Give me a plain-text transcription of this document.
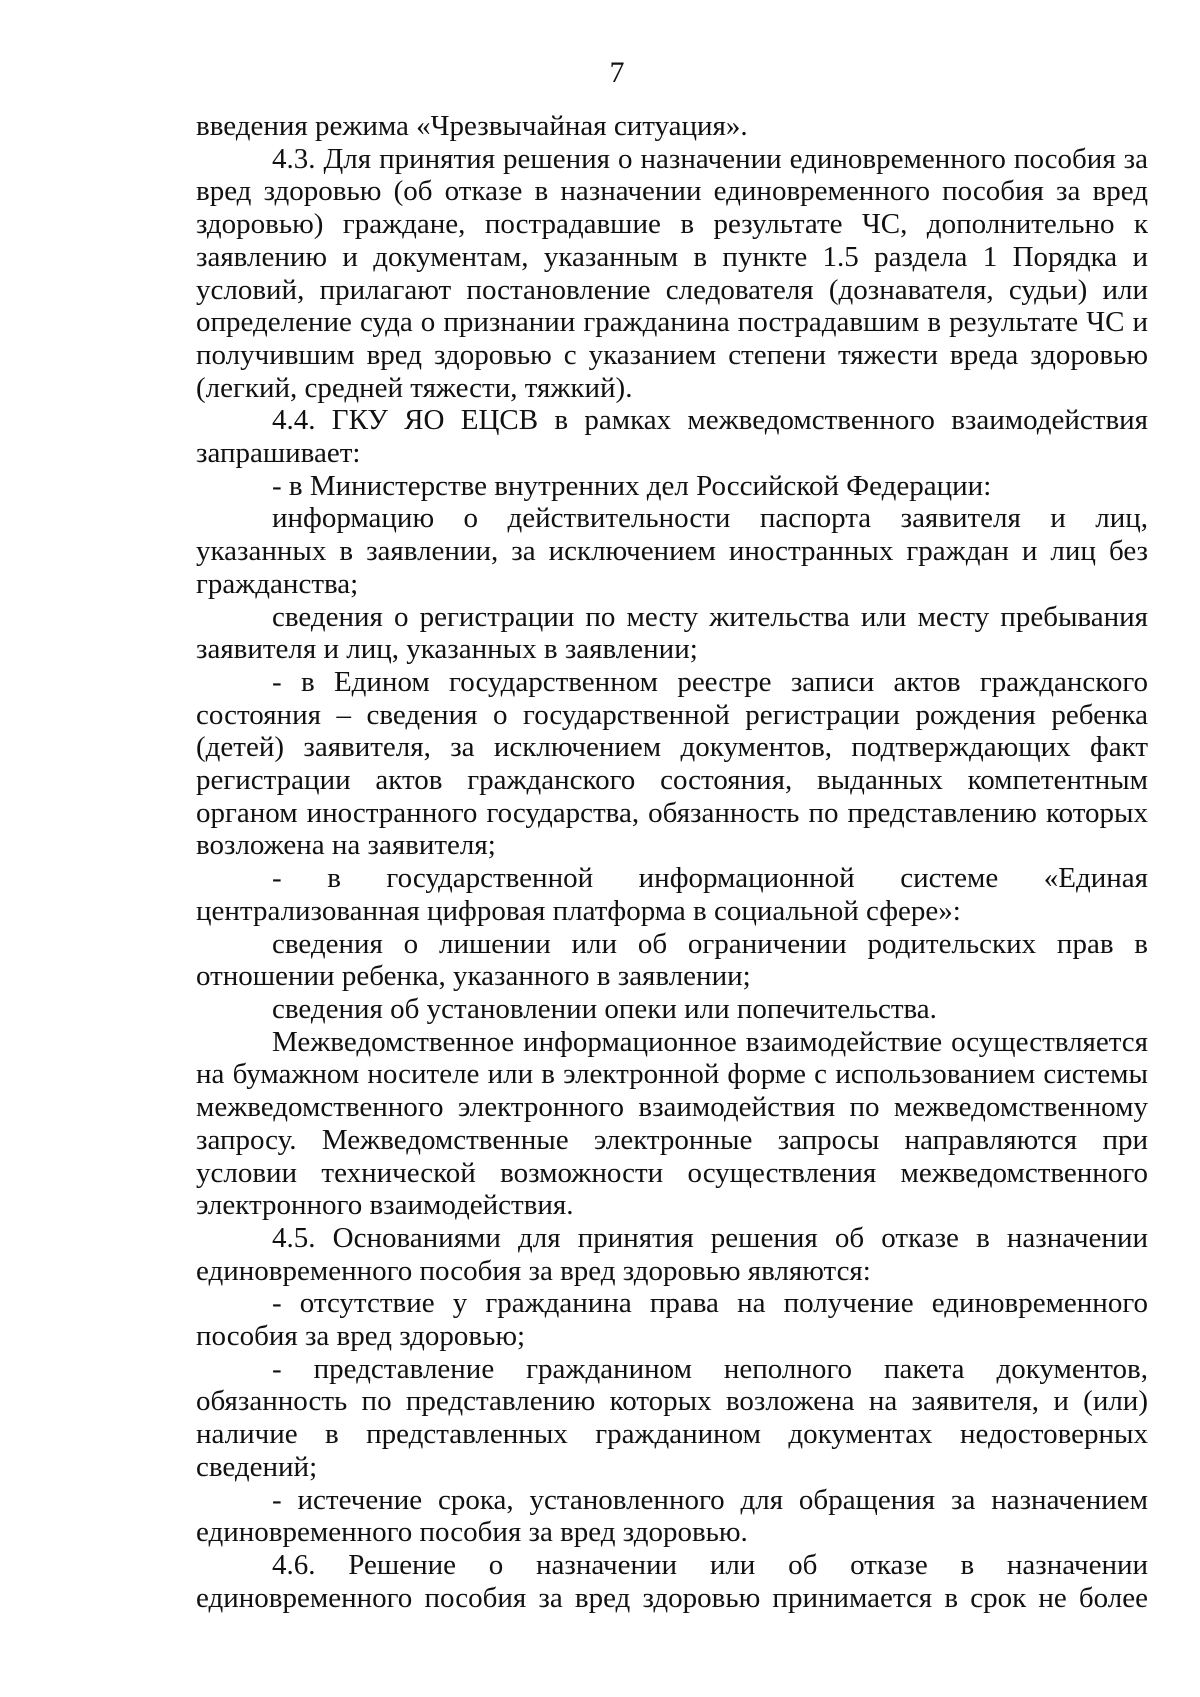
7

введения режима «Чрезвычайная ситуация».

4.3. Для принятия решения о назначении единовременного пособия за вред здоровью (об отказе в назначении единовременного пособия за вред здоровью) граждане, пострадавшие в результате ЧС, дополнительно к заявлению и документам, указанным в пункте 1.5 раздела 1 Порядка и условий, прилагают постановление следователя (дознавателя, судьи) или определение суда о признании гражданина пострадавшим в результате ЧС и получившим вред здоровью с указанием степени тяжести вреда здоровью (легкий, средней тяжести, тяжкий).

4.4. ГКУ ЯО ЕЦСВ в рамках межведомственного взаимодействия запрашивает:

- в Министерстве внутренних дел Российской Федерации:

информацию о действительности паспорта заявителя и лиц, указанных в заявлении, за исключением иностранных граждан и лиц без гражданства;

сведения о регистрации по месту жительства или месту пребывания заявителя и лиц, указанных в заявлении;

- в Едином государственном реестре записи актов гражданского состояния – сведения о государственной регистрации рождения ребенка (детей) заявителя, за исключением документов, подтверждающих факт регистрации актов гражданского состояния, выданных компетентным органом иностранного государства, обязанность по представлению которых возложена на заявителя;

- в государственной информационной системе «Единая централизованная цифровая платформа в социальной сфере»:

сведения о лишении или об ограничении родительских прав в отношении ребенка, указанного в заявлении;

сведения об установлении опеки или попечительства.

Межведомственное информационное взаимодействие осуществляется на бумажном носителе или в электронной форме с использованием системы межведомственного электронного взаимодействия по межведомственному запросу. Межведомственные электронные запросы направляются при условии технической возможности осуществления межведомственного электронного взаимодействия.

4.5. Основаниями для принятия решения об отказе в назначении единовременного пособия за вред здоровью являются:

- отсутствие у гражданина права на получение единовременного пособия за вред здоровью;

- представление гражданином неполного пакета документов, обязанность по представлению которых возложена на заявителя, и (или) наличие в представленных гражданином документах недостоверных сведений;

- истечение срока, установленного для обращения за назначением единовременного пособия за вред здоровью.

4.6. Решение о назначении или об отказе в назначении единовременного пособия за вред здоровью принимается в срок не более
